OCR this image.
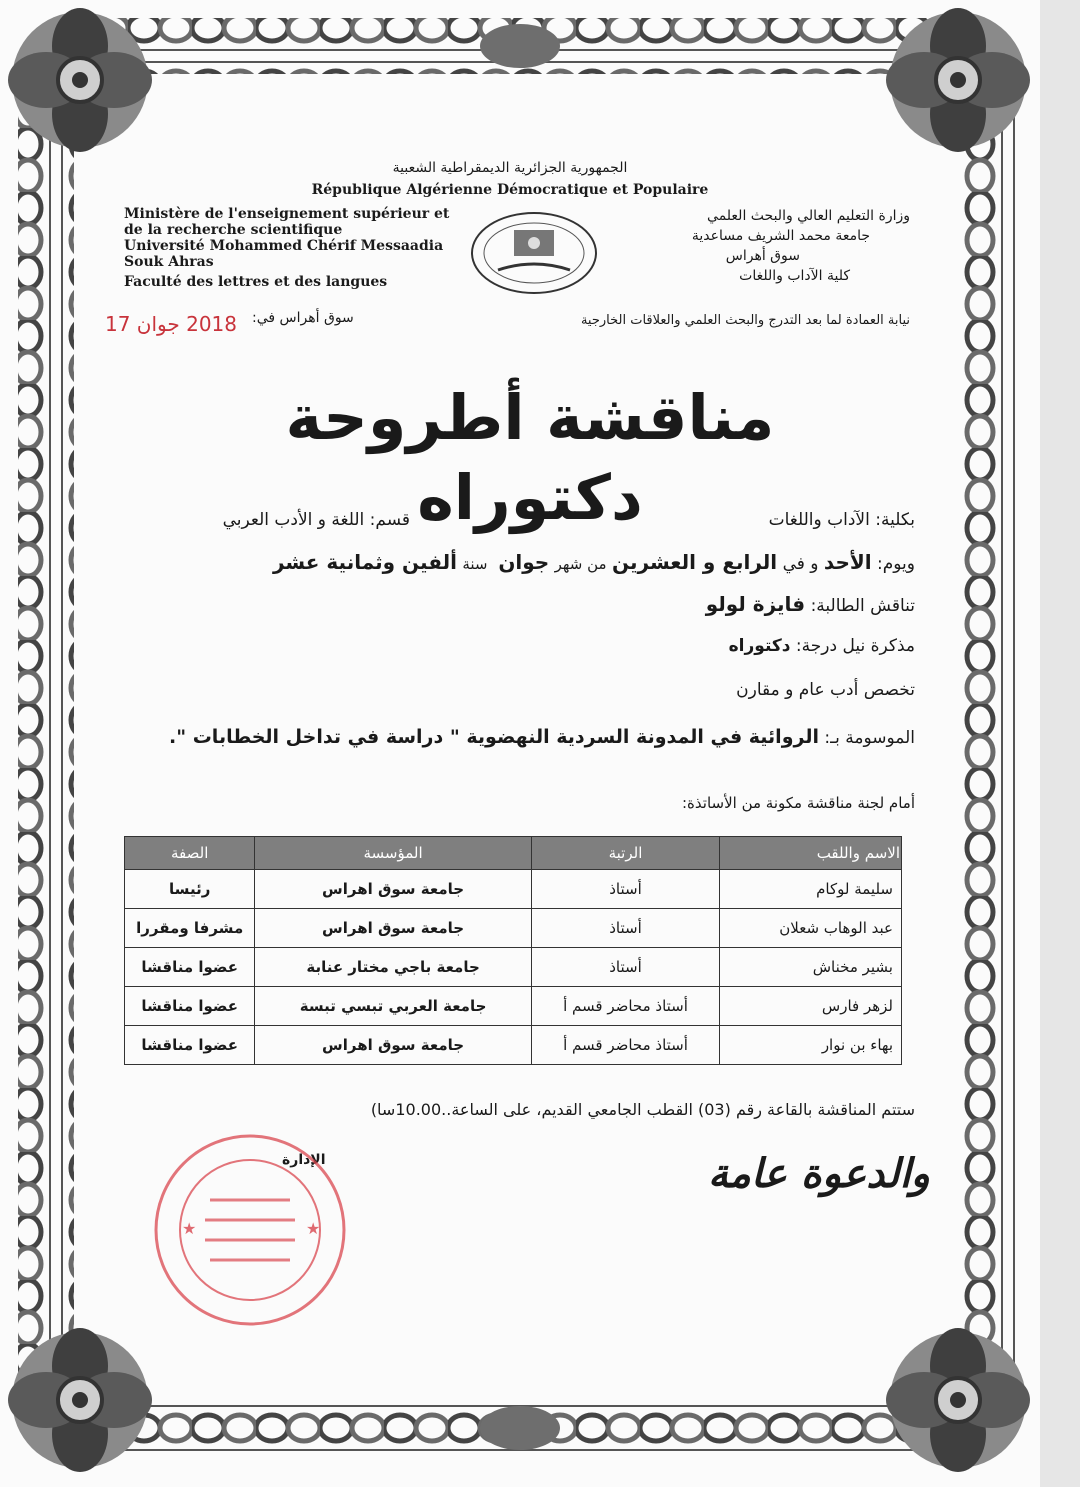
الجمهورية الجزائرية الديمقراطية الشعبية
République Algérienne Démocratique et Populaire
Ministère de l'enseignement supérieur et
de la recherche scientifique
Université Mohammed Chérif Messaadia
Souk Ahras
Faculté des lettres et des langues
وزارة التعليم العالي والبحث العلمي
جامعة محمد الشريف مساعدية
سوق أهراس
كلية الآداب واللغات
نيابة العمادة لما بعد التدرج والبحث العلمي والعلاقات الخارجية
سوق أهراس في:
2018 جوان 17
مناقشة أطروحة دكتوراه	بكلية: الآداب واللغات
قسم: اللغة و الأدب العربي
ويوم: الأحد و في الرابع و العشرين من شهر جوان  سنة ألفين وثمانية عشر
تناقش الطالبة: فايزة لولو
مذكرة نيل درجة: دكتوراه
تخصص أدب عام و مقارن
الموسومة بـ: الروائية في المدونة السردية النهضوية " دراسة في تداخل الخطابات ".
أمام لجنة مناقشة مكونة من الأساتذة:
الاسم واللقب	الرتبة	المؤسسة	الصفة
سليمة لوكام	أستاذ	جامعة سوق اهراس	رئيسا
عبد الوهاب شعلان	أستاذ	جامعة سوق اهراس	مشرفا ومقررا
بشير مخناش	أستاذ	جامعة باجي مختار عنابة	عضوا مناقشا
لزهر فارس	أستاذ محاضر قسم أ	جامعة العربي تبسي تبسة	عضوا مناقشا
بهاء بن نوار	أستاذ محاضر قسم أ	جامعة سوق اهراس	عضوا مناقشا
ستتم المناقشة بالقاعة رقم (03) القطب الجامعي القديم، على الساعة..10.00سا)
الإدارة
★	★
والدعوة عامة
